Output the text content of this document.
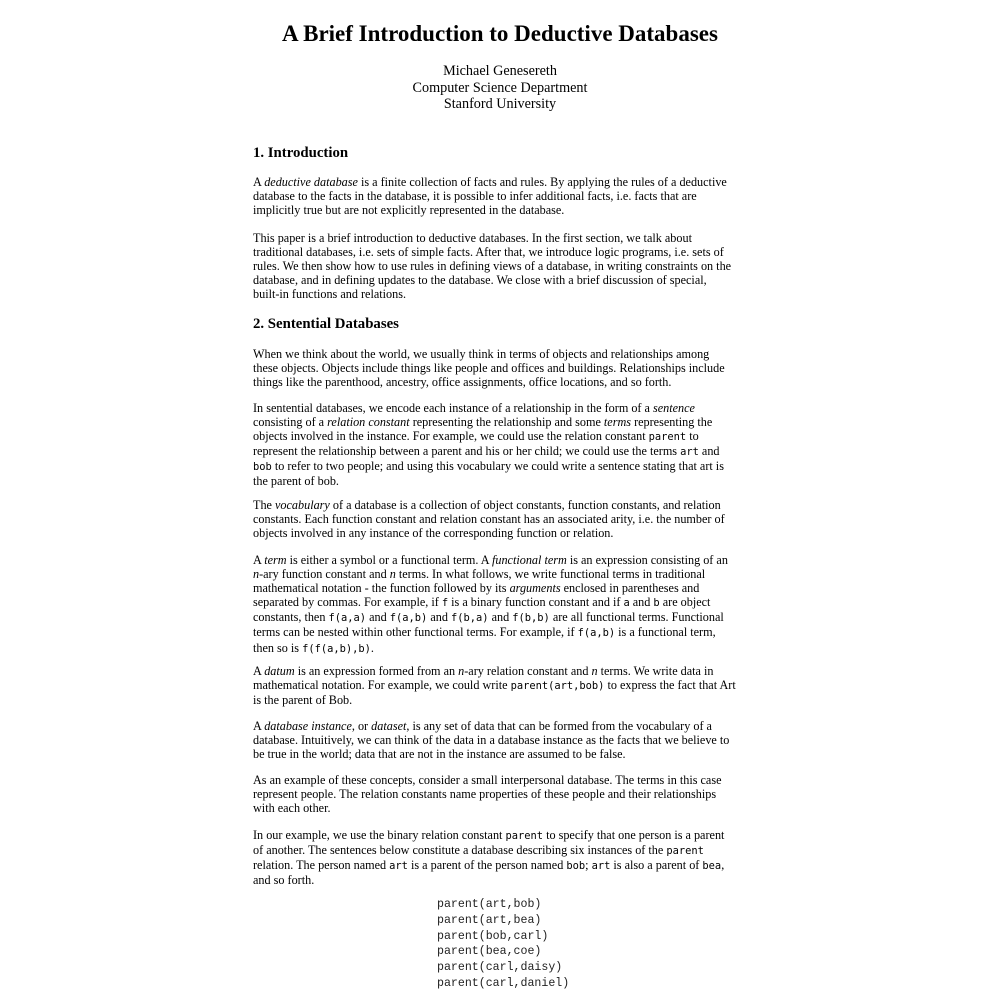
A Brief Introduction to Deductive Databases
Michael Genesereth
Computer Science Department
Stanford University
1. Introduction

A deductive database is a finite collection of facts and rules. By applying the rules of a deductive
database to the facts in the database, it is possible to infer additional facts, i.e. facts that are
implicitly true but are not explicitly represented in the database.

This paper is a brief introduction to deductive databases. In the first section, we talk about
traditional databases, i.e. sets of simple facts. After that, we introduce logic programs, i.e. sets of
rules. We then show how to use rules in defining views of a database, in writing constraints on the
database, and in defining updates to the database. We close with a brief discussion of special,
built-in functions and relations.

2. Sentential Databases

When we think about the world, we usually think in terms of objects and relationships among
these objects. Objects include things like people and offices and buildings. Relationships include
things like the parenthood, ancestry, office assignments, office locations, and so forth.

In sentential databases, we encode each instance of a relationship in the form of a sentence
consisting of a relation constant representing the relationship and some terms representing the
objects involved in the instance. For example, we could use the relation constant parent to
represent the relationship between a parent and his or her child; we could use the terms art and
bob to refer to two people; and using this vocabulary we could write a sentence stating that art is
the parent of bob.

The vocabulary of a database is a collection of object constants, function constants, and relation
constants. Each function constant and relation constant has an associated arity, i.e. the number of
objects involved in any instance of the corresponding function or relation.

A term is either a symbol or a functional term. A functional term is an expression consisting of an
n-ary function constant and n terms. In what follows, we write functional terms in traditional
mathematical notation - the function followed by its arguments enclosed in parentheses and
separated by commas. For example, if f is a binary function constant and if a and b are object
constants, then f(a,a) and f(a,b) and f(b,a) and f(b,b) are all functional terms. Functional
terms can be nested within other functional terms. For example, if f(a,b) is a functional term,
then so is f(f(a,b),b).

A datum is an expression formed from an n-ary relation constant and n terms. We write data in
mathematical notation. For example, we could write parent(art,bob) to express the fact that Art
is the parent of Bob.

A database instance, or dataset, is any set of data that can be formed from the vocabulary of a
database. Intuitively, we can think of the data in a database instance as the facts that we believe to
be true in the world; data that are not in the instance are assumed to be false.

As an example of these concepts, consider a small interpersonal database. The terms in this case
represent people. The relation constants name properties of these people and their relationships
with each other.

In our example, we use the binary relation constant parent to specify that one person is a parent
of another. The sentences below constitute a database describing six instances of the parent
relation. The person named art is a parent of the person named bob; art is also a parent of bea,
and so forth.

parent(art,bob)
parent(art,bea)
parent(bob,carl)
parent(bea,coe)
parent(carl,daisy)
parent(carl,daniel)
